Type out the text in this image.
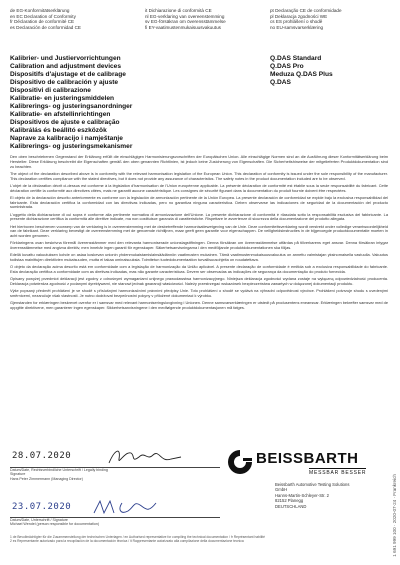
de EG-Konformitätserklärung
en EC Declaration of Conformity
fr Déclaration de conformité CE
es Declaración de conformidad CE
it Dichiarazione di conformità CE
nl EG-verklaring van overeenstemming
sv EG-försäkran om överensstämmelse
fi EY-vaatimustenmukaisuusvakuutus
pt Declaração CE de conformidade
pl Deklaracja zgodności WE
cs ES prohlášení o shodě
no EU-samsvarserklæring
Kalibrier- und Justiervorrichtungen
Calibration and adjustment devices
Dispositifs d'ajustage et de calibrage
Dispositivo de calibración y ajuste
Dispositivi di calibrazione
Kalibratie- en justeringsmiddelen
Kalibrerings- og justeringsanordninger
Kalibratie- en afstellinrichtingen
Dispositivos de ajuste e calibração
Kalibrálás és beállító eszközök
Naprave za kalibracijo i namještanje
Kalibrerings- og justeringsmekanismer
Q.DAS Standard
Q.DAS Pro
Meduza Q.DAS Plus
Q.DAS

Den oben beschriebenen Gegenstand der Erklärung erfüllt die einschlägigen Harmonisierungsvorschriften der Europäischen Union. Alle einschlägige Normen sind an die Ausführung dieser Konformitätserklärung beim Hersteller. Diese Erklärung beschreibt die Eigenschaften gemäß den oben genannten Richtlinien, ist jedoch keine Zusicherung von Eigenschaften. Die Sicherheitshinweise der mitgelieferten Produktdokumentation sind zu beachten.

The object of the declaration described above is in conformity with the relevant harmonisation legislation of the European Union. This declaration of conformity is issued under the sole responsibility of the manufacturer. This declaration certifies compliance with the stated directives, but it does not provide any assurance of characteristics. The safety notes in the product documentation included are to be observed.

L'objet de la déclaration décrit ci-dessus est conforme à la législation d'harmonisation de l'Union européenne applicable. La présente déclaration de conformité est établie sous la seule responsabilité du fabricant. Cette déclaration certifie la conformité aux directives citées, mais ne garantit aucune caractéristique. Les consignes de sécurité figurant dans la documentation du produit fournie doivent être respectées.

El objeto de la declaración descrito anteriormente es conforme con la legislación de armonización pertinente de la Unión Europea. La presente declaración de conformidad se expide bajo la exclusiva responsabilidad del fabricante. Esta declaración certifica la conformidad con las directivas indicadas, pero no garantiza ninguna característica. Deben observarse las indicaciones de seguridad de la documentación del producto suministrada.

L'oggetto della dichiarazione di cui sopra è conforme alla pertinente normativa di armonizzazione dell'Unione. La presente dichiarazione di conformità è rilasciata sotto la responsabilità esclusiva del fabbricante. La presente dichiarazione certifica la conformità alle direttive indicate, ma non costituisce garanzia di caratteristiche. Rispettare le avvertenze di sicurezza della documentazione del prodotto allegata.

Het hierboven beschreven voorwerp van de verklaring is in overeenstemming met de desbetreffende harmonisatiewetgeving van de Unie. Deze conformiteitsverklaring wordt verstrekt onder volledige verantwoordelijkheid van de fabrikant. Deze verklaring bevestigt de overeenstemming met de genoemde richtlijnen, maar geeft geen garantie voor eigenschappen. De veiligheidsinstructies in de bijgevoegde productdocumentatie moeten in acht worden genomen.

Förklaringens ovan beskrivna föremål överensstämmer med den relevanta harmoniserade unionslagstiftningen. Denna försäkran om överensstämmelse utfärdas på tillverkarens eget ansvar. Denna försäkran intygar överensstämmelse med angivna direktiv, men innebär ingen garanti för egenskaper. Säkerhetsanvisningarna i den medföljande produktdokumentationen ska följas.

Edellä kuvattu vakuutuksen kohde on asiaa koskevan unionin yhdenmukaistamislainsäädännön vaatimusten mukainen. Tämä vaatimustenmukaisuusvakuutus on annettu valmistajan yksinomaisella vastuulla. Vakuutus todistaa mainittujen direktiivien mukaisuuden, mutta ei takaa ominaisuuksia. Toimitetun tuotedokumentaation turvallisuusohjeita on noudatettava.

O objeto da declaração acima descrito está em conformidade com a legislação de harmonização da União aplicável. A presente declaração de conformidade é emitida sob a exclusiva responsabilidade do fabricante. Esta declaração certifica a conformidade com as diretivas indicadas, mas não garante características. Devem ser observadas as indicações de segurança da documentação do produto fornecida.

Opisany powyżej przedmiot deklaracji jest zgodny z odnośnymi wymaganiami unijnego prawodawstwa harmonizacyjnego. Niniejsza deklaracja zgodności wydana zostaje na wyłączną odpowiedzialność producenta. Deklaracja potwierdza zgodność z podanymi dyrektywami, nie stanowi jednak gwarancji właściwości. Należy przestrzegać wskazówek bezpieczeństwa zawartych w dołączonej dokumentacji produktu.

Výše popsaný předmět prohlášení je ve shodě s příslušnými harmonizačními právními předpisy Unie. Toto prohlášení o shodě se vydává na výhradní odpovědnost výrobce. Prohlášení potvrzuje shodu s uvedenými směrnicemi, nezaručuje však vlastnosti. Je nutno dodržovat bezpečnostní pokyny v přiložené dokumentaci k výrobku.

Gjenstanden for erklæringen beskrevet ovenfor er i samsvar med relevant harmoniseringslovgivning i Unionen. Denne samsvarserklæringen er utstedt på produsentens eneansvar. Erklæringen bekrefter samsvar med de oppgitte direktivene, men garanterer ingen egenskaper. Sikkerhetsanvisningene i den medfølgende produktdokumentasjonen må følges.

28.07.2020
Datum/Date, Rechtsverbindliche Unterschrift / Legally binding
Signature
Hans Peter Zimmermann (Managing Director)
23.07.2020
Datum/Date, Unterschrift / Signature
Michael Wendel (person responsible for documentation)
BEISSBARTH
MESSBAR BESSER
Beissbarth Automotive Testing Solutions
GmbH
Hanns-Martin-Schleyer-Str. 2
82152 Planegg
DEUTSCHLAND
1 de Bevollmächtigter für die Zusammenstellung der technischen Unterlagen / en Authorised representative for compiling the technical documentation / fr Représentant habilité
2 es Representante autorizado para la recopilación de la documentación técnica / it Rappresentante autorizzato alla compilazione della documentazione tecnica	1 691 999 100 · 2020-07-24 · Frankreich
